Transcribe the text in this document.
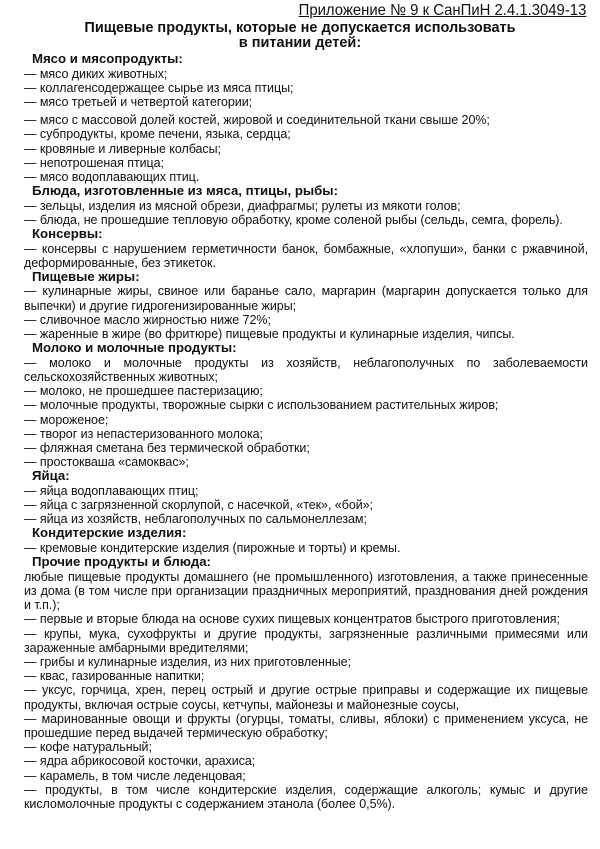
Приложение № 9 к СанПиН 2.4.1.3049-13
Пищевые продукты, которые не допускается использовать
в питании детей:
Мясо и мясопродукты:
— мясо диких животных;
— коллагенсодержащее сырье из мяса птицы;
— мясо третьей и четвертой категории;
— мясо с массовой долей костей, жировой и соединительной ткани свыше 20%;
— субпродукты, кроме печени, языка, сердца;
— кровяные и ливерные колбасы;
— непотрошеная птица;
— мясо водоплавающих птиц.
Блюда, изготовленные из мяса, птицы, рыбы:
— зельцы, изделия из мясной обрези, диафрагмы; рулеты из мякоти голов;
— блюда, не прошедшие тепловую обработку, кроме соленой рыбы (сельдь, семга, форель).
Консервы:
— консервы с нарушением герметичности банок, бомбажные, «хлопуши», банки с ржавчиной, деформированные, без этикеток.
Пищевые жиры:
— кулинарные жиры, свиное или баранье сало, маргарин (маргарин допускается только для выпечки) и другие гидрогенизированные жиры;
— сливочное масло жирностью ниже 72%;
— жаренные в жире (во фритюре) пищевые продукты и кулинарные изделия, чипсы.
Молоко и молочные продукты:
— молоко и молочные продукты из хозяйств, неблагополучных по заболеваемости сельскохозяйственных животных;
— молоко, не прошедшее пастеризацию;
— молочные продукты, творожные сырки с использованием растительных жиров;
— мороженое;
— творог из непастеризованного молока;
— фляжная сметана без термической обработки;
— простокваша «самоквас»;
Яйца:
— яйца водоплавающих птиц;
— яйца с загрязненной скорлупой, с насечкой, «тек», «бой»;
— яйца из хозяйств, неблагополучных по сальмонеллезам;
Кондитерские изделия:
— кремовые кондитерские изделия (пирожные и торты) и кремы.
Прочие продукты и блюда:
любые пищевые продукты домашнего (не промышленного) изготовления, а также принесенные из дома (в том числе при организации праздничных мероприятий, празднования дней рождения и т.п.);
— первые и вторые блюда на основе сухих пищевых концентратов быстрого приготовления;
— крупы, мука, сухофрукты и другие продукты, загрязненные различными примесями или зараженные амбарными вредителями;
— грибы и кулинарные изделия, из них приготовленные;
— квас, газированные напитки;
— уксус, горчица, хрен, перец острый и другие острые приправы и содержащие их пищевые продукты, включая острые соусы, кетчупы, майонезы и майонезные соусы,
— маринованные овощи и фрукты (огурцы, томаты, сливы, яблоки) с применением уксуса, не прошедшие перед выдачей термическую обработку;
— кофе натуральный;
— ядра абрикосовой косточки, арахиса;
— карамель, в том числе леденцовая;
— продукты, в том числе кондитерские изделия, содержащие алкоголь; кумыс и другие кисломолочные продукты с содержанием этанола (более 0,5%).
